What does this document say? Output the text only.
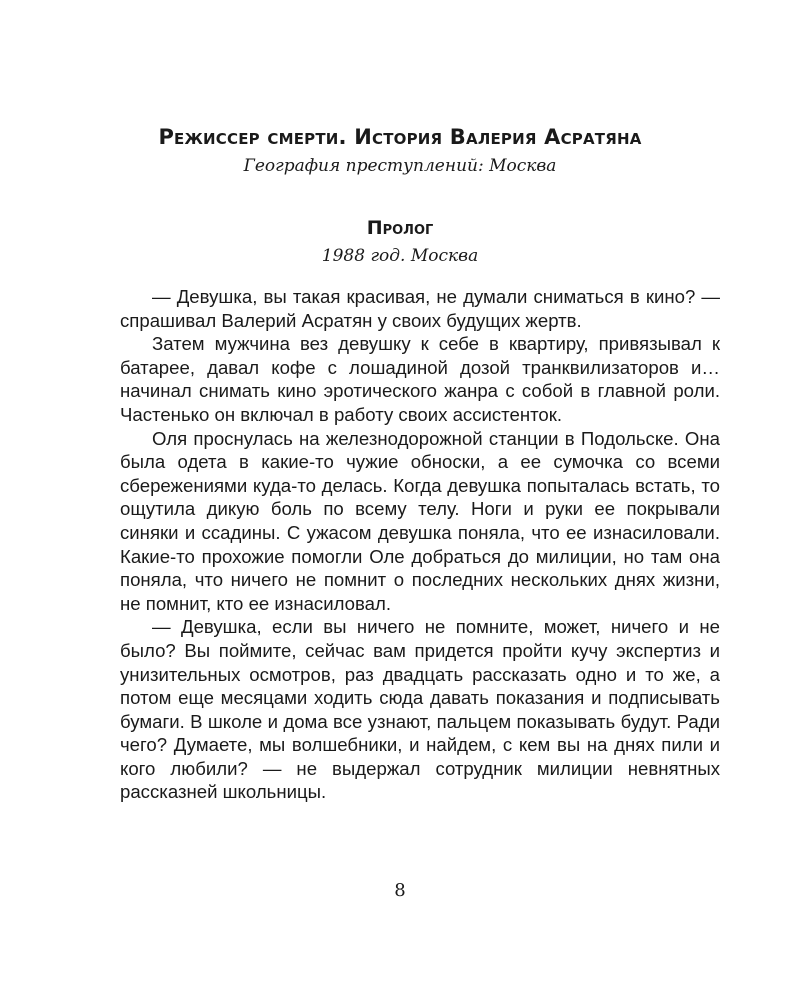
Режиссер смерти. История Валерия Асратяна
География преступлений: Москва
Пролог
1988 год. Москва

— Девушка, вы такая красивая, не думали сниматься в кино? — спрашивал Валерий Асратян у своих будущих жертв.

Затем мужчина вез девушку к себе в квартиру, привязывал к батарее, давал кофе с лошадиной дозой транквилизаторов и… начинал снимать кино эротического жанра с собой в главной роли. Частенько он включал в работу своих ассистенток.

Оля проснулась на железнодорожной станции в Подольске. Она была одета в какие-то чужие обноски, а ее сумочка со всеми сбережениями куда-то делась. Когда девушка попыталась встать, то ощутила дикую боль по всему телу. Ноги и руки ее покрывали синяки и ссадины. С ужасом девушка поняла, что ее изнасиловали. Какие-то прохожие помогли Оле добраться до милиции, но там она поняла, что ничего не помнит о последних нескольких днях жизни, не помнит, кто ее изнасиловал.

— Девушка, если вы ничего не помните, может, ничего и не было? Вы поймите, сейчас вам придется пройти кучу экспертиз и унизительных осмотров, раз двадцать рассказать одно и то же, а потом еще месяцами ходить сюда давать показания и подписывать бумаги. В школе и дома все узнают, пальцем показывать будут. Ради чего? Думаете, мы волшебники, и найдем, с кем вы на днях пили и кого любили? — не выдержал сотрудник милиции невнятных рассказней школьницы.

8
